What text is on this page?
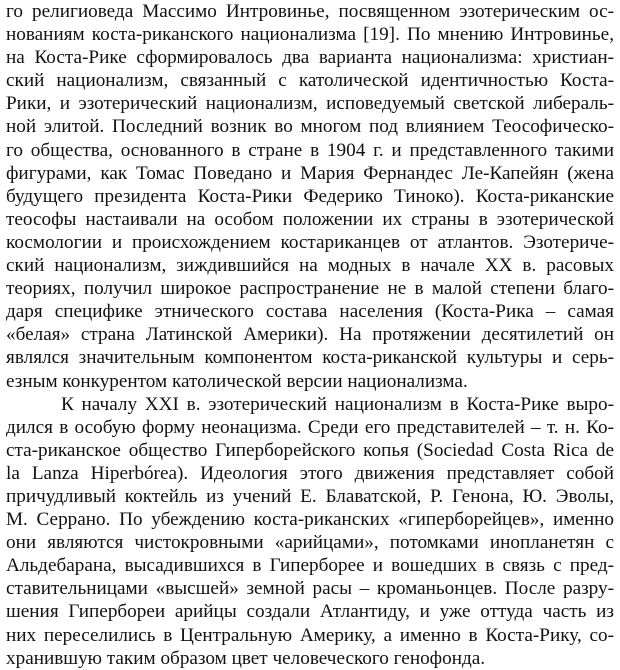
го религиоведа Массимо Интровинье, посвященном эзотерическим ос-
нованиям коста-риканского национализма [19]. По мнению Интровинье,
на Коста-Рике сформировалось два варианта национализма: христиан-
ский национализм, связанный с католической идентичностью Коста-
Рики, и эзотерический национализм, исповедуемый светской либераль-
ной элитой. Последний возник во многом под влиянием Теософическо-
го общества, основанного в стране в 1904 г. и представленного такими
фигурами, как Томас Поведано и Мария Фернандес Ле-Капейян (жена
будущего президента Коста-Рики Федерико Тиноко). Коста-риканские
теософы настаивали на особом положении их страны в эзотерической
космологии и происхождением костариканцев от атлантов. Эзотериче-
ский национализм, зиждившийся на модных в начале XX в. расовых
теориях, получил широкое распространение не в малой степени благо-
даря специфике этнического состава населения (Коста-Рика – самая
«белая» страна Латинской Америки). На протяжении десятилетий он
являлся значительным компонентом коста-риканской культуры и серь-
езным конкурентом католической версии национализма.
К началу XXI в. эзотерический национализм в Коста-Рике выро-
дился в особую форму неонацизма. Среди его представителей – т. н. Ко-
ста-риканское общество Гиперборейского копья (Sociedad Costa Rica de
la Lanza Hiperbórea). Идеология этого движения представляет собой
причудливый коктейль из учений Е. Блаватской, Р. Генона, Ю. Эволы,
М. Серрано. По убеждению коста-риканских «гиперборейцев», именно
они являются чистокровными «арийцами», потомками инопланетян с
Альдебарана, высадившихся в Гиперборее и вошедших в связь с пред-
ставительницами «высшей» земной расы – кроманьонцев. После разру-
шения Гипербореи арийцы создали Атлантиду, и уже оттуда часть из
них переселились в Центральную Америку, а именно в Коста-Рику, со-
хранившую таким образом цвет человеческого генофонда.
